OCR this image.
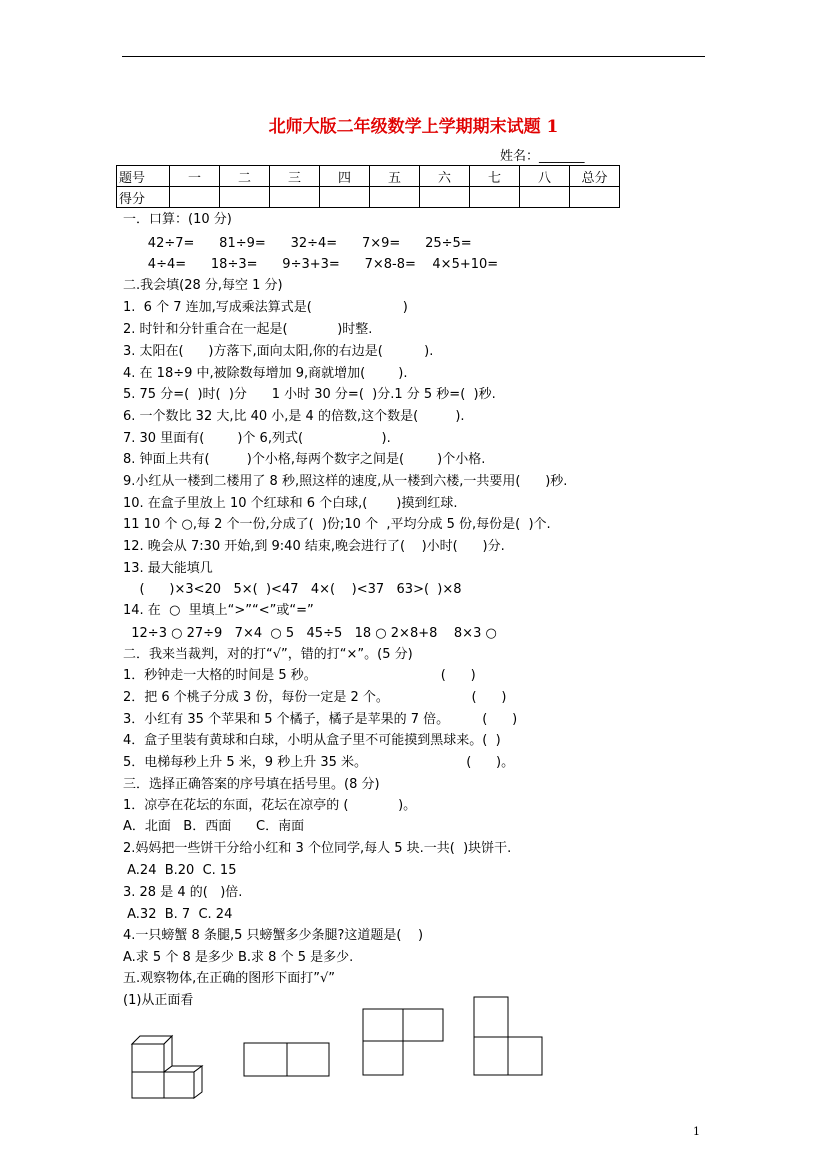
北师大版二年级数学上学期期末试题 1
姓名：_______
题号	一	二	三	四	五	六	七	八	总分
得分									
一．口算：(10 分)
42÷7=      81÷9=      32÷4=      7×9=      25÷5=
4÷4=      18÷3=      9÷3+3=      7×8-8=    4×5+10=
二.我会填(28 分,每空 1 分)
1.  6 个 7 连加,写成乘法算式是(                      )
2. 时针和分针重合在一起是(            )时整.
3. 太阳在(      )方落下,面向太阳,你的右边是(          ).
4. 在 18÷9 中,被除数每增加 9,商就增加(        ).
5. 75 分=(  )时(  )分      1 小时 30 分=(  )分.1 分 5 秒=(  )秒.
6. 一个数比 32 大,比 40 小,是 4 的倍数,这个数是(         ).
7. 30 里面有(        )个 6,列式(                   ).
8. 钟面上共有(         )个小格,每两个数字之间是(        )个小格.
9.小红从一楼到二楼用了 8 秒,照这样的速度,从一楼到六楼,一共要用(      )秒.
10. 在盒子里放上 10 个红球和 6 个白球,(       )摸到红球.
11 10 个 ○,每 2 个一份,分成了(  )份;10 个  ,平均分成 5 份,每份是(  )个.
12. 晚会从 7:30 开始,到 9:40 结束,晚会进行了(    )小时(      )分.
13. 最大能填几
(      )×3<20   5×(  )<47   4×(    )<37   63>(  )×8
14. 在  ○  里填上“>”“<”或“=”
12÷3 ○ 27÷9   7×4  ○ 5   45÷5   18 ○ 2×8+8    8×3 ○
二．我来当裁判，对的打“√”，错的打“×”。(5 分)
1．秒钟走一大格的时间是 5 秒。                              (      )
2．把 6 个桃子分成 3 份，每份一定是 2 个。                    (      )
3．小红有 35 个苹果和 5 个橘子，橘子是苹果的 7 倍。        (      )
4．盒子里装有黄球和白球，小明从盒子里不可能摸到黑球来。(  )
5．电梯每秒上升 5 米，9 秒上升 35 米。                        (      )。
三．选择正确答案的序号填在括号里。(8 分)
1．凉亭在花坛的东面，花坛在凉亭的 (            )。
A．北面   B．西面      C．南面
2.妈妈把一些饼干分给小红和 3 个位同学,每人 5 块.一共(  )块饼干.
A.24  B.20  C. 15
3. 28 是 4 的(   )倍.
A.32  B. 7  C. 24
4.一只螃蟹 8 条腿,5 只螃蟹多少条腿?这道题是(    )
A.求 5 个 8 是多少 B.求 8 个 5 是多少.
五.观察物体,在正确的图形下面打”√”
(1)从正面看
1
